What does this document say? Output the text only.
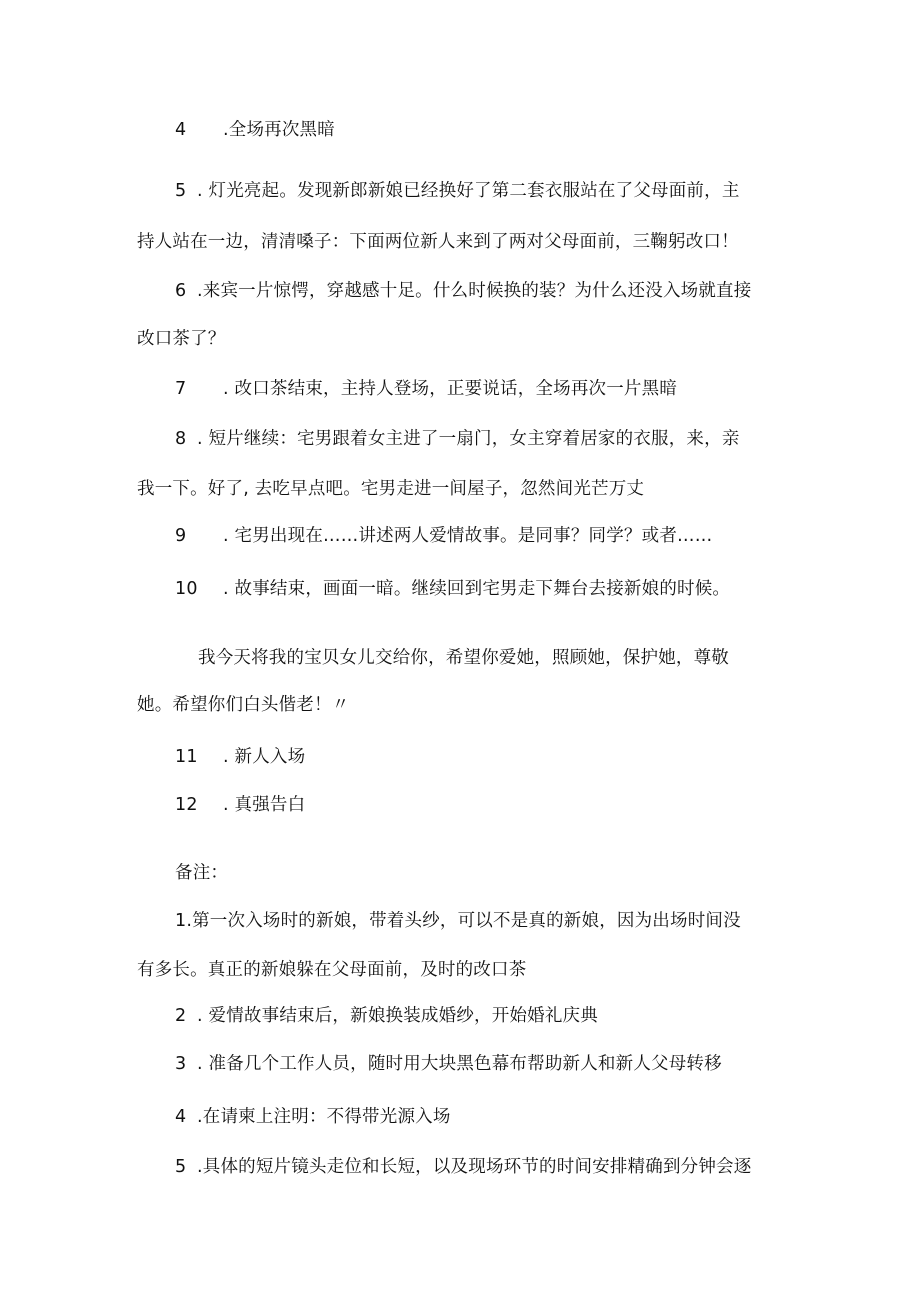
4 .全场再次黑暗
5 . 灯光亮起。发现新郎新娘已经换好了第二套衣服站在了父母面前，主
持人站在一边，清清嗓子：下面两位新人来到了两对父母面前，三鞠躬改口！
6 .来宾一片惊愕，穿越感十足。什么时候换的装？为什么还没入场就直接
改口茶了？
7 . 改口茶结束，主持人登场，正要说话，全场再次一片黑暗
8 . 短片继续：宅男跟着女主进了一扇门，女主穿着居家的衣服，来，亲
我一下。好了, 去吃早点吧。宅男走进一间屋子，忽然间光芒万丈
9 . 宅男出现在……讲述两人爱情故事。是同事？同学？或者……
10 . 故事结束，画面一暗。继续回到宅男走下舞台去接新娘的时候。
我今天将我的宝贝女儿交给你，希望你爱她，照顾她，保护她，尊敬
她。希望你们白头偕老！〃
11 . 新人入场
12 . 真强告白
备注：
1.第一次入场时的新娘，带着头纱，可以不是真的新娘，因为出场时间没
有多长。真正的新娘躲在父母面前，及时的改口茶
2 . 爱情故事结束后，新娘换装成婚纱，开始婚礼庆典
3 . 准备几个工作人员，随时用大块黑色幕布帮助新人和新人父母转移
4 .在请柬上注明：不得带光源入场
5 .具体的短片镜头走位和长短，以及现场环节的时间安排精确到分钟会逐
